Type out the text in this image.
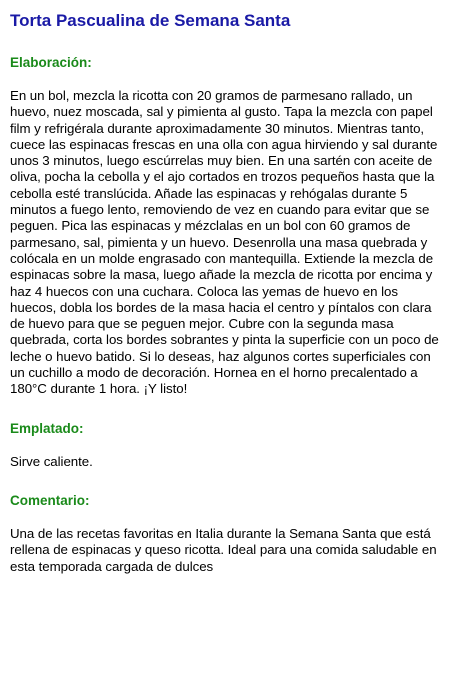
Torta Pascualina de Semana Santa
Elaboración:

En un bol, mezcla la ricotta con 20 gramos de parmesano rallado, un huevo, nuez moscada, sal y pimienta al gusto. Tapa la mezcla con papel film y refrigérala durante aproximadamente 30 minutos. Mientras tanto, cuece las espinacas frescas en una olla con agua hirviendo y sal durante unos 3 minutos, luego escúrrelas muy bien. En una sartén con aceite de oliva, pocha la cebolla y el ajo cortados en trozos pequeños hasta que la cebolla esté translúcida. Añade las espinacas y rehógalas durante 5 minutos a fuego lento, removiendo de vez en cuando para evitar que se peguen. Pica las espinacas y mézclalas en un bol con 60 gramos de parmesano, sal, pimienta y un huevo. Desenrolla una masa quebrada y colócala en un molde engrasado con mantequilla. Extiende la mezcla de espinacas sobre la masa, luego añade la mezcla de ricotta por encima y haz 4 huecos con una cuchara. Coloca las yemas de huevo en los huecos, dobla los bordes de la masa hacia el centro y píntalos con clara de huevo para que se peguen mejor. Cubre con la segunda masa quebrada, corta los bordes sobrantes y pinta la superficie con un poco de leche o huevo batido. Si lo deseas, haz algunos cortes superficiales con un cuchillo a modo de decoración. Hornea en el horno precalentado a 180°C durante 1 hora. ¡Y listo!

Emplatado:

Sirve caliente.

Comentario:

Una de las recetas favoritas en Italia durante la Semana Santa que está rellena de espinacas y queso ricotta. Ideal para una comida saludable en esta temporada cargada de dulces
